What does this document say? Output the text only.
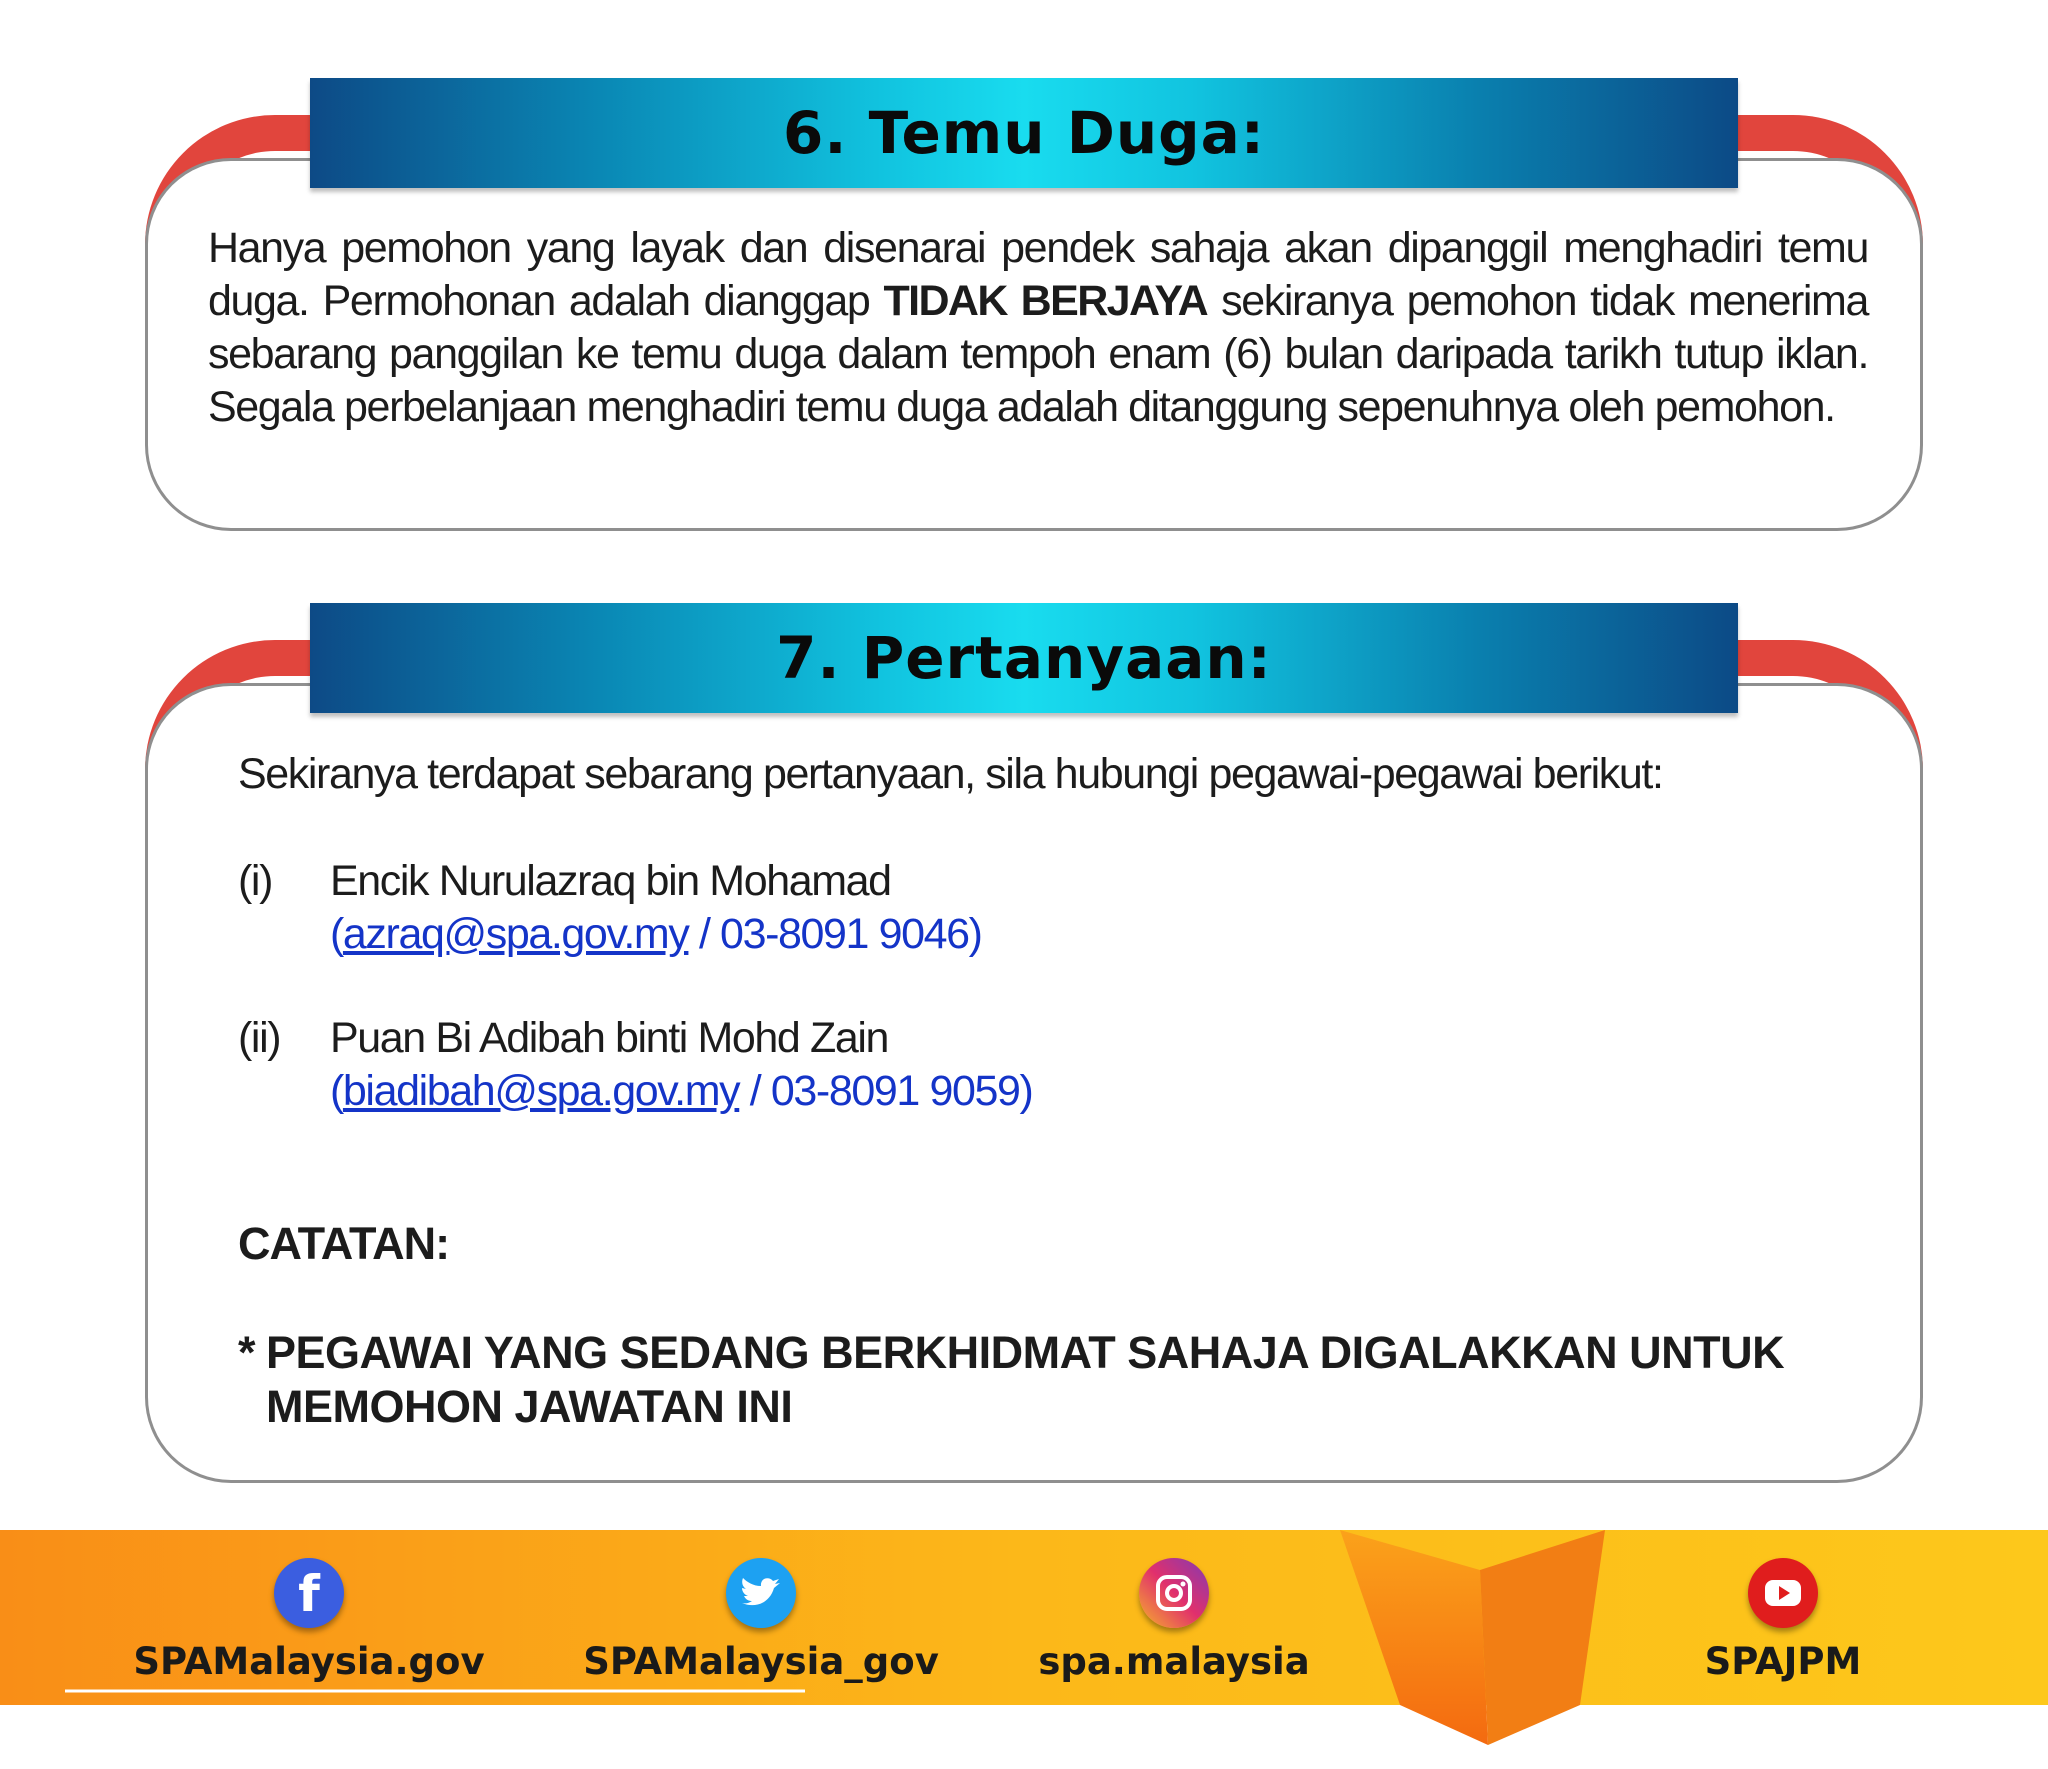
6. Temu Duga:

Hanya pemohon yang layak dan disenarai pendek sahaja akan dipanggil menghadiri temu duga. Permohonan adalah dianggap TIDAK BERJAYA sekiranya pemohon tidak menerima sebarang panggilan ke temu duga dalam tempoh enam (6) bulan daripada tarikh tutup iklan. Segala perbelanjaan menghadiri temu duga adalah ditanggung sepenuhnya oleh pemohon.

7. Pertanyaan:

Sekiranya terdapat sebarang pertanyaan, sila hubungi pegawai-pegawai berikut:

(i) Encik Nurulazraq bin Mohamad
(azraq@spa.gov.my / 03-8091 9046)
(ii) Puan Bi Adibah binti Mohd Zain
(biadibah@spa.gov.my / 03-8091 9059)

CATATAN:

* PEGAWAI YANG SEDANG BERKHIDMAT SAHAJA DIGALAKKAN UNTUK MEMOHON JAWATAN INI
f
SPAMalaysia.gov	SPAMalaysia_gov	spa.malaysia	SPAJPM
